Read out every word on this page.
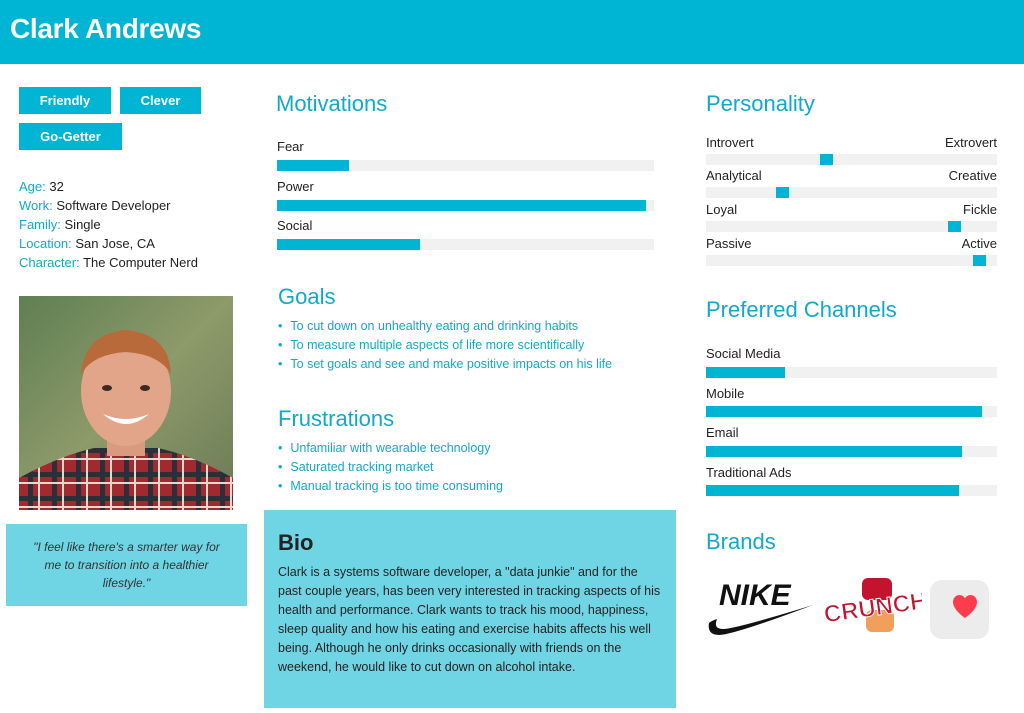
Clark Andrews
Friendly	Clever
Go-Getter
Age: 32
Work: Software Developer
Family: Single
Location: San Jose, CA
Character: The Computer Nerd
"I feel like there's a smarter way for me to transition into a healthier lifestyle."
Motivations
Fear
Power
Social
Goals
• To cut down on unhealthy eating and drinking habits
• To measure multiple aspects of life more scientifically
• To set goals and see and make positive impacts on his life
Frustrations
• Unfamiliar with wearable technology
• Saturated tracking market
• Manual tracking is too time consuming
Bio

Clark is a systems software developer, a "data junkie" and for the past couple years, has been very interested in tracking aspects of his health and performance. Clark wants to track his mood, happiness, sleep quality and how his eating and exercise habits affects his well being. Although he only drinks occasionally with friends on the weekend, he would like to cut down on alcohol intake.

Personality
Introvert	Extrovert
Analytical	Creative
Loyal	Fickle
Passive	Active
Preferred Channels
Social Media
Mobile
Email
Traditional Ads
Brands
NIKE CRUNCH
